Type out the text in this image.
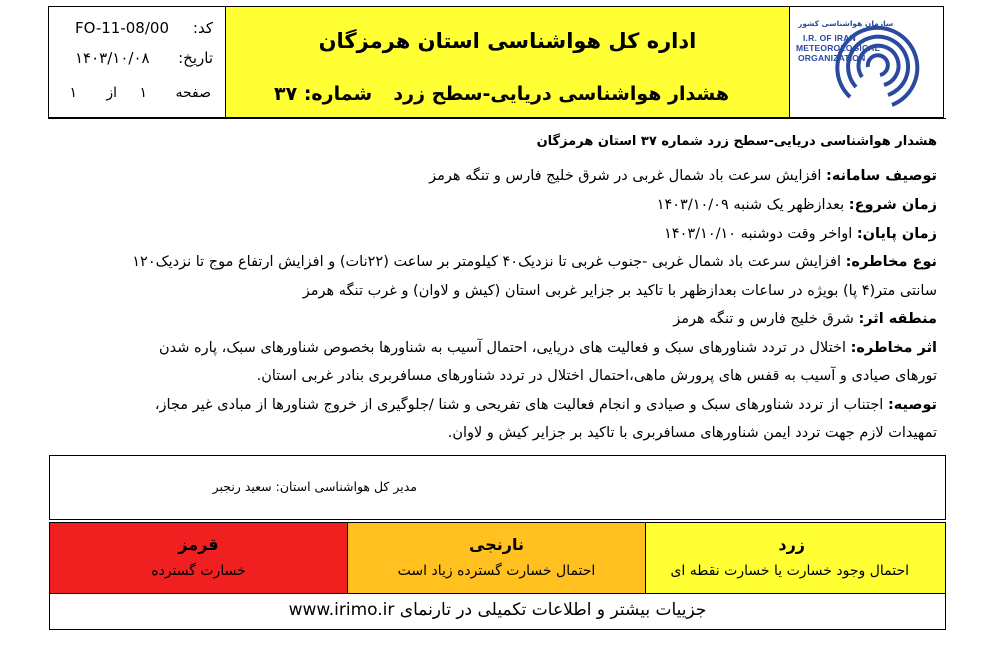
سازمان هواشناسی کشور
I.R. OF IRAN
METEOROLOGICAL
ORGANIZATION
اداره کل هواشناسی استان هرمزگان
هشدار هواشناسی دریایی-سطح زرد
شماره: ۳۷
کد:
FO-11-08/00
تاریخ:
۱۴۰۳/۱۰/۰۸
صفحه
۱
از
۱
هشدار هواشناسی دریایی-سطح زرد شماره ۳۷ استان هرمزگان
توصیف سامانه: افزایش سرعت باد شمال غربی در شرق خلیج فارس و تنگه هرمز
زمان شروع: بعدازظهر یک شنبه ۱۴۰۳/۱۰/۰۹
زمان پایان: اواخر وقت دوشنبه ۱۴۰۳/۱۰/۱۰
نوع مخاطره: افزایش سرعت باد شمال غربی -جنوب غربی تا نزدیک۴۰ کیلومتر بر ساعت (۲۲نات) و افزایش ارتفاع موج تا نزدیک۱۲۰
سانتی متر(۴ پا) بویژه در ساعات بعدازظهر با تاکید بر جزایر غربی استان (کیش و لاوان) و غرب تنگه هرمز
منطقه اثر: شرق خلیج فارس و تنگه هرمز
اثر مخاطره: اختلال در تردد شناورهای سبک و فعالیت های دریایی، احتمال آسیب به شناورها بخصوص شناورهای سبک، پاره شدن
تورهای صیادی و آسیب به قفس های پرورش ماهی،احتمال اختلال در تردد شناورهای مسافربری بنادر غربی استان.
توصیه: اجتناب از تردد شناورهای سبک و صیادی و انجام فعالیت های تفریحی و شنا /جلوگیری از خروج شناورها از مبادی غیر مجاز،
تمهیدات لازم جهت تردد ایمن شناورهای مسافربری با تاکید بر جزایر کیش و لاوان.
مدیر کل هواشناسی استان: سعید رنجبر
زرد
احتمال وجود خسارت یا خسارت نقطه ای
نارنجی
احتمال خسارت گسترده زیاد است
قرمز
خسارت گسترده
جزییات بیشتر و اطلاعات تکمیلی در تارنمای www.irimo.ir
